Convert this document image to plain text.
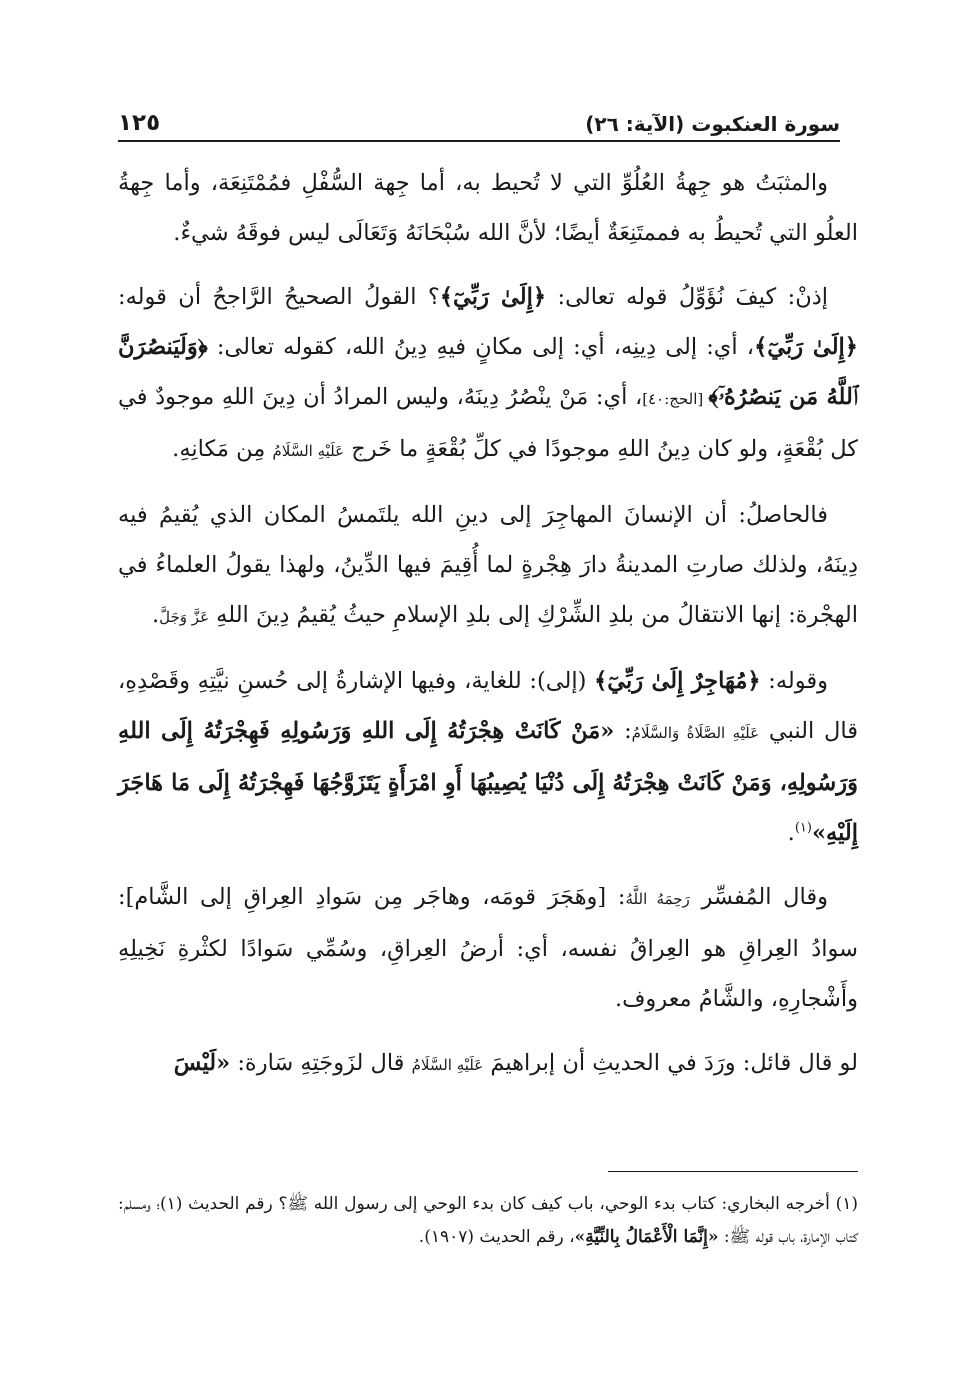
سورة العنكبوت (الآية: ٢٦)
١٢٥

والمثبَتُ هو جِهةُ العُلُوِّ التي لا تُحيط به، أما جِهة السُّفْلِ فمُمْتَنِعَة، وأما جِهةُ العلُو التي تُحيطُ به فممتَنِعَةٌ أيضًا؛ لأنَّ الله سُبْحَانَهُ وَتَعَالَى ليس فوقَهُ شيءٌ.

إذنْ: كيفَ نُؤَوِّلُ قوله تعالى: ﴿إِلَىٰ رَبِّيٓ﴾؟ القولُ الصحيحُ الرَّاجحُ أن قوله: ﴿إِلَىٰ رَبِّيٓ﴾، أي: إلى دِينِه، أي: إلى مكانٍ فيهِ دِينُ الله، كقوله تعالى: ﴿وَلَيَنصُرَنَّ ٱللَّهُ مَن يَنصُرُهُۥٓ﴾ [الحج:٤٠]، أي: مَنْ ينْصُرُ دِينَهُ، وليس المرادُ أن دِينَ اللهِ موجودٌ في كل بُقْعَةٍ، ولو كان دِينُ اللهِ موجودًا في كلِّ بُقْعَةٍ ما خَرج عَلَيْهِ السَّلَامُ مِن مَكانِهِ.

فالحاصلُ: أن الإنسانَ المهاجِرَ إلى دينِ الله يلتَمسُ المكان الذي يُقيمُ فيه دِينَهُ، ولذلك صارتِ المدينةُ دارَ هِجْرةٍ لما أُقِيمَ فيها الدِّينُ، ولهذا يقولُ العلماءُ في الهجْرة: إنها الانتقالُ من بلدِ الشِّرْكِ إلى بلدِ الإسلامِ حيثُ يُقيمُ دِينَ اللهِ عَزَّ وَجَلَّ.

وقوله: ﴿مُهَاجِرٌ إِلَىٰ رَبِّيٓ﴾ (إلى): للغاية، وفيها الإشارةُ إلى حُسنِ نيَّتِهِ وقَصْدِهِ، قال النبي عَلَيْهِ الصَّلَاةُ وَالسَّلَامُ: «مَنْ كَانَتْ هِجْرَتُهُ إِلَى اللهِ وَرَسُولِهِ فَهِجْرَتُهُ إِلَى اللهِ وَرَسُولِهِ، وَمَنْ كَانَتْ هِجْرَتُهُ إِلَى دُنْيَا يُصِيبُهَا أَوِ امْرَأَةٍ يَتَزَوَّجُهَا فَهِجْرَتُهُ إِلَى مَا هَاجَرَ إِلَيْهِ»$^{(١)}$.

وقال المُفسِّر رَحِمَهُ اللَّهُ: [وهَجَرَ قومَه، وهاجَر مِن سَوادِ العِراقِ إلى الشَّام]: سوادُ العِراقِ هو العِراقُ نفسه، أي: أرضُ العِراقِ، وسُمِّي سَوادًا لكثْرةِ نَخِيلِهِ وأَشْجارِهِ، والشَّامُ معروف.

لو قال قائل: ورَدَ في الحديثِ أن إبراهيمَ عَلَيْهِ السَّلَامُ قال لزَوجَتِهِ سَارة: «لَيْسَ

(١) أخرجه البخاري: كتاب بدء الوحي، باب كيف كان بدء الوحي إلى رسول الله ﷺ؟ رقم الحديث (١)؛ ومسلم: كتاب الإمارة، باب قوله ﷺ: «إِنَّمَا الْأَعْمَالُ بِالنِّيَّةِ»، رقم الحديث (١٩٠٧).
